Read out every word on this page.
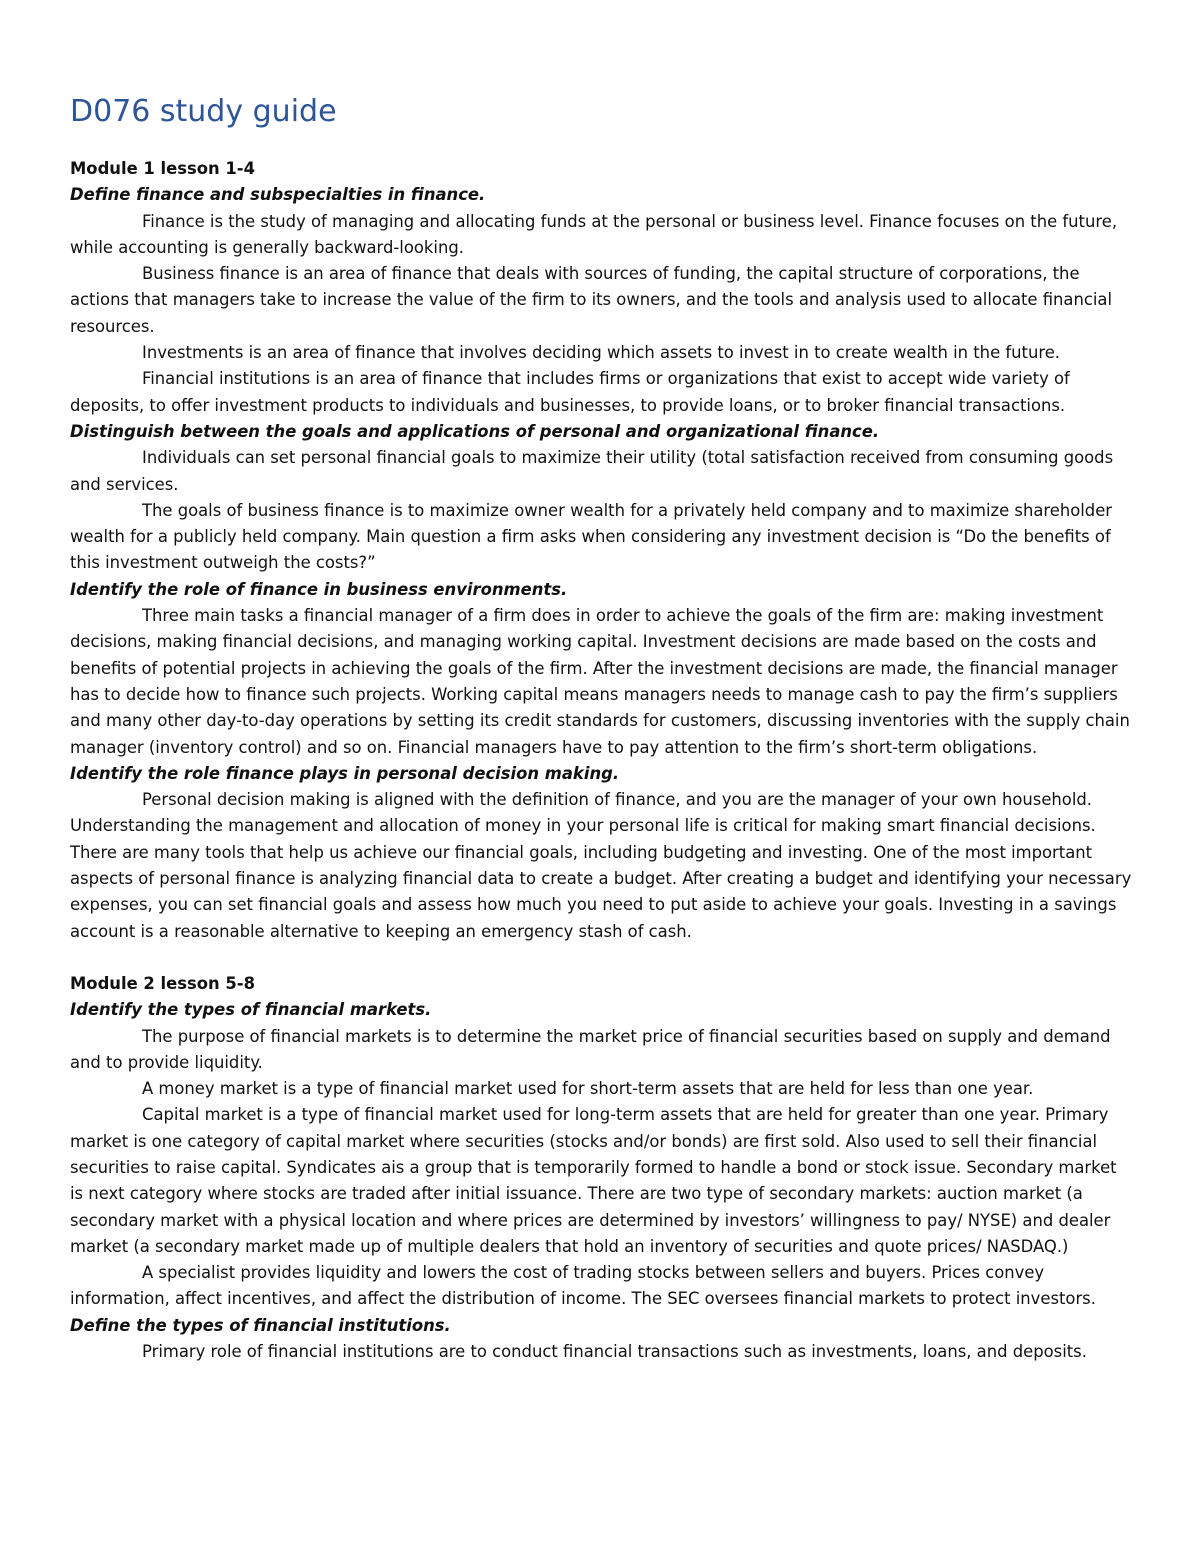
D076 study guide

Module 1 lesson 1-4

Define finance and subspecialties in finance.

Finance is the study of managing and allocating funds at the personal or business level. Finance focuses on the future, while accounting is generally backward-looking.

Business finance is an area of finance that deals with sources of funding, the capital structure of corporations, the actions that managers take to increase the value of the firm to its owners, and the tools and analysis used to allocate financial resources.

Investments is an area of finance that involves deciding which assets to invest in to create wealth in the future.

Financial institutions is an area of finance that includes firms or organizations that exist to accept wide variety of deposits, to offer investment products to individuals and businesses, to provide loans, or to broker financial transactions.

Distinguish between the goals and applications of personal and organizational finance.

Individuals can set personal financial goals to maximize their utility (total satisfaction received from consuming goods and services.

The goals of business finance is to maximize owner wealth for a privately held company and to maximize shareholder wealth for a publicly held company. Main question a firm asks when considering any investment decision is “Do the benefits of this investment outweigh the costs?”

Identify the role of finance in business environments.

Three main tasks a financial manager of a firm does in order to achieve the goals of the firm are: making investment decisions, making financial decisions, and managing working capital. Investment decisions are made based on the costs and benefits of potential projects in achieving the goals of the firm. After the investment decisions are made, the financial manager has to decide how to finance such projects. Working capital means managers needs to manage cash to pay the firm’s suppliers and many other day-to-day operations by setting its credit standards for customers, discussing inventories with the supply chain manager (inventory control) and so on. Financial managers have to pay attention to the firm’s short-term obligations.

Identify the role finance plays in personal decision making.

Personal decision making is aligned with the definition of finance, and you are the manager of your own household. Understanding the management and allocation of money in your personal life is critical for making smart financial decisions. There are many tools that help us achieve our financial goals, including budgeting and investing. One of the most important aspects of personal finance is analyzing financial data to create a budget. After creating a budget and identifying your necessary expenses, you can set financial goals and assess how much you need to put aside to achieve your goals. Investing in a savings account is a reasonable alternative to keeping an emergency stash of cash.

Module 2 lesson 5-8

Identify the types of financial markets.

The purpose of financial markets is to determine the market price of financial securities based on supply and demand and to provide liquidity.

A money market is a type of financial market used for short-term assets that are held for less than one year.

Capital market is a type of financial market used for long-term assets that are held for greater than one year. Primary market is one category of capital market where securities (stocks and/or bonds) are first sold. Also used to sell their financial securities to raise capital. Syndicates ais a group that is temporarily formed to handle a bond or stock issue. Secondary market is next category where stocks are traded after initial issuance. There are two type of secondary markets: auction market (a secondary market with a physical location and where prices are determined by investors’ willingness to pay/ NYSE) and dealer market (a secondary market made up of multiple dealers that hold an inventory of securities and quote prices/ NASDAQ.)

A specialist provides liquidity and lowers the cost of trading stocks between sellers and buyers. Prices convey information, affect incentives, and affect the distribution of income. The SEC oversees financial markets to protect investors.

Define the types of financial institutions.

Primary role of financial institutions are to conduct financial transactions such as investments, loans, and deposits.
